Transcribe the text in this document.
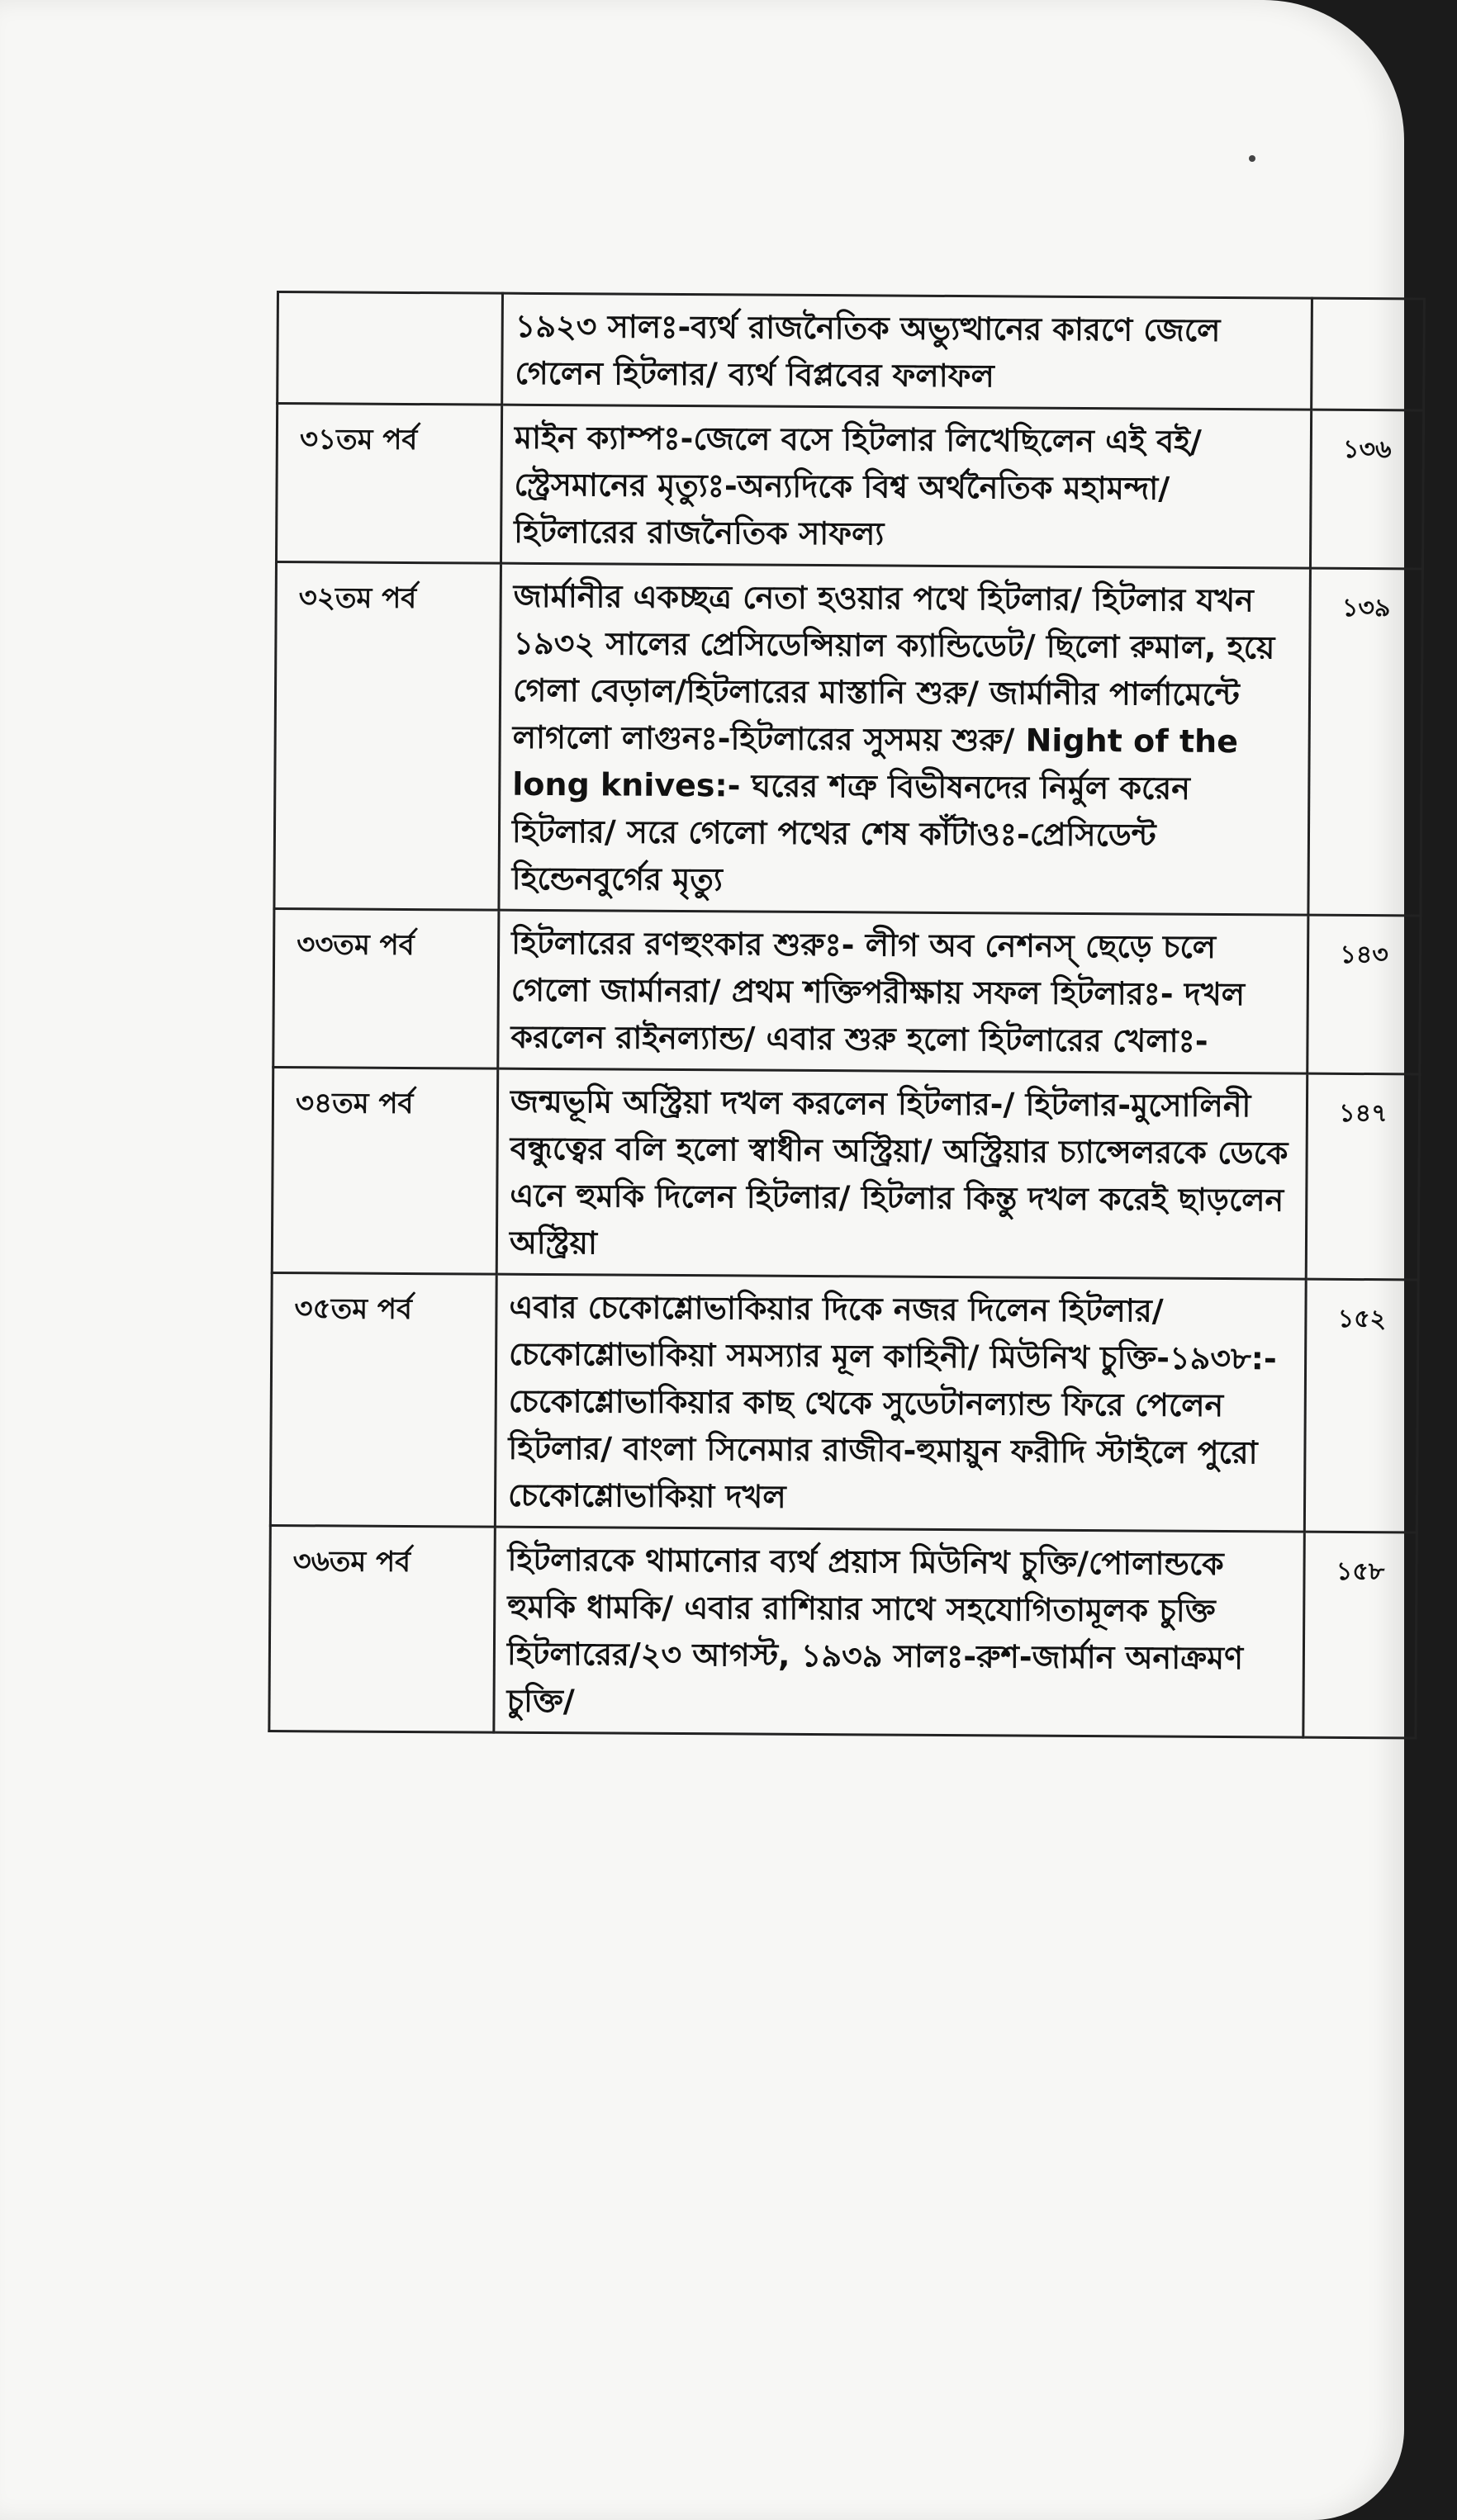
	১৯২৩ সালঃ-ব্যর্থ রাজনৈতিক অভ্যুত্থানের কারণে জেলে গেলেন হিটলার/ ব্যর্থ বিপ্লবের ফলাফল	
৩১তম পর্ব	মাইন ক্যাম্পঃ-জেলে বসে হিটলার লিখেছিলেন এই বই/ স্ট্রেসমানের মৃত্যুঃ-অন্যদিকে বিশ্ব অর্থনৈতিক মহামন্দা/ হিটলারের রাজনৈতিক সাফল্য	১৩৬
৩২তম পর্ব	জার্মানীর একচ্ছত্র নেতা হওয়ার পথে হিটলার/ হিটলার যখন ১৯৩২ সালের প্রেসিডেন্সিয়াল ক্যান্ডিডেট/ ছিলো রুমাল, হয়ে গেলা বেড়াল/হিটলারের মাস্তানি শুরু/ জার্মানীর পার্লামেন্টে লাগলো লাগুনঃ-হিটলারের সুসময় শুরু/ Night of the long knives:- ঘরের শত্রু বিভীষনদের নির্মুল করেন হিটলার/ সরে গেলো পথের শেষ কাঁটাওঃ-প্রেসিডেন্ট হিন্ডেনবুর্গের মৃত্যু	১৩৯
৩৩তম পর্ব	হিটলারের রণহুংকার শুরুঃ- লীগ অব নেশনস্ ছেড়ে চলে গেলো জার্মানরা/ প্রথম শক্তিপরীক্ষায় সফল হিটলারঃ- দখল করলেন রাইনল্যান্ড/ এবার শুরু হলো হিটলারের খেলাঃ-	১৪৩
৩৪তম পর্ব	জন্মভূমি অস্ট্রিয়া দখল করলেন হিটলার-/ হিটলার-মুসোলিনী বন্ধুত্বের বলি হলো স্বাধীন অস্ট্রিয়া/ অস্ট্রিয়ার চ্যান্সেলরকে ডেকে এনে হুমকি দিলেন হিটলার/ হিটলার কিন্তু দখল করেই ছাড়লেন অস্ট্রিয়া	১৪৭
৩৫তম পর্ব	এবার চেকোশ্লোভাকিয়ার দিকে নজর দিলেন হিটলার/ চেকোশ্লোভাকিয়া সমস্যার মূল কাহিনী/ মিউনিখ চুক্তি-১৯৩৮:-চেকোশ্লোভাকিয়ার কাছ থেকে সুডেটানল্যান্ড ফিরে পেলেন হিটলার/ বাংলা সিনেমার রাজীব-হুমায়ুন ফরীদি স্টাইলে পুরো চেকোশ্লোভাকিয়া দখল	১৫২
৩৬তম পর্ব	হিটলারকে থামানোর ব্যর্থ প্রয়াস মিউনিখ চুক্তি/পোলান্ডকে হুমকি ধামকি/ এবার রাশিয়ার সাথে সহযোগিতামূলক চুক্তি হিটলারের/২৩ আগস্ট, ১৯৩৯ সালঃ-রুশ-জার্মান অনাক্রমণ চুক্তি/	১৫৮
